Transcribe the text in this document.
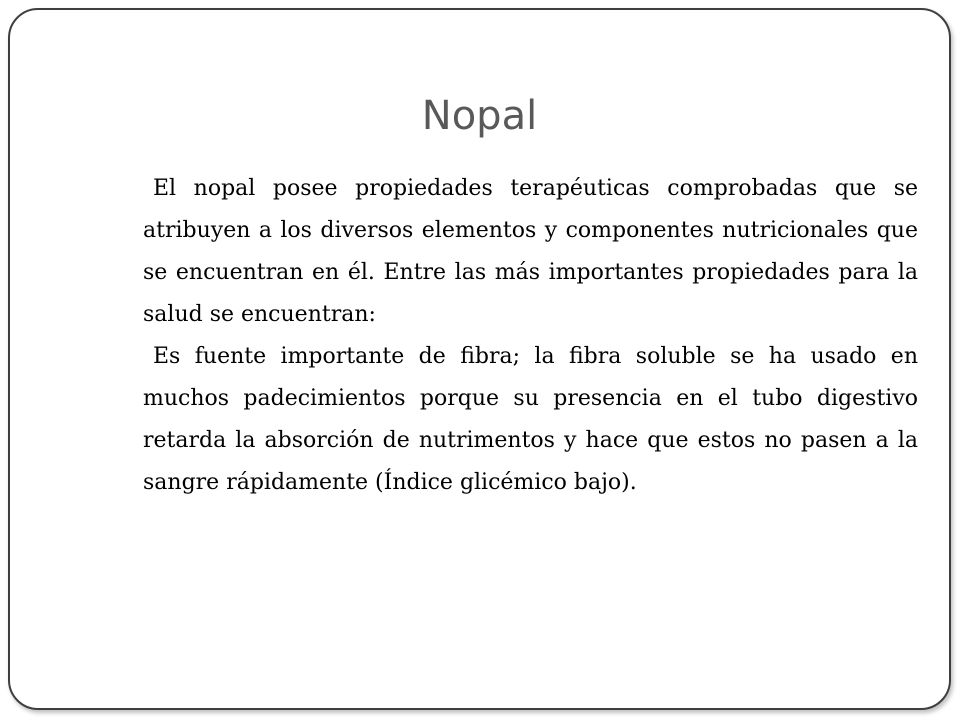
Nopal

El nopal posee propiedades terapéuticas comprobadas que se atribuyen a los diversos elementos y componentes nutricionales que se encuentran en él. Entre las más importantes propiedades para la salud se encuentran:

Es fuente importante de fibra; la fibra soluble se ha usado en muchos padecimientos porque su presencia en el tubo digestivo retarda la absorción de nutrimentos y hace que estos no pasen a la sangre rápidamente (Índice glicémico bajo).
